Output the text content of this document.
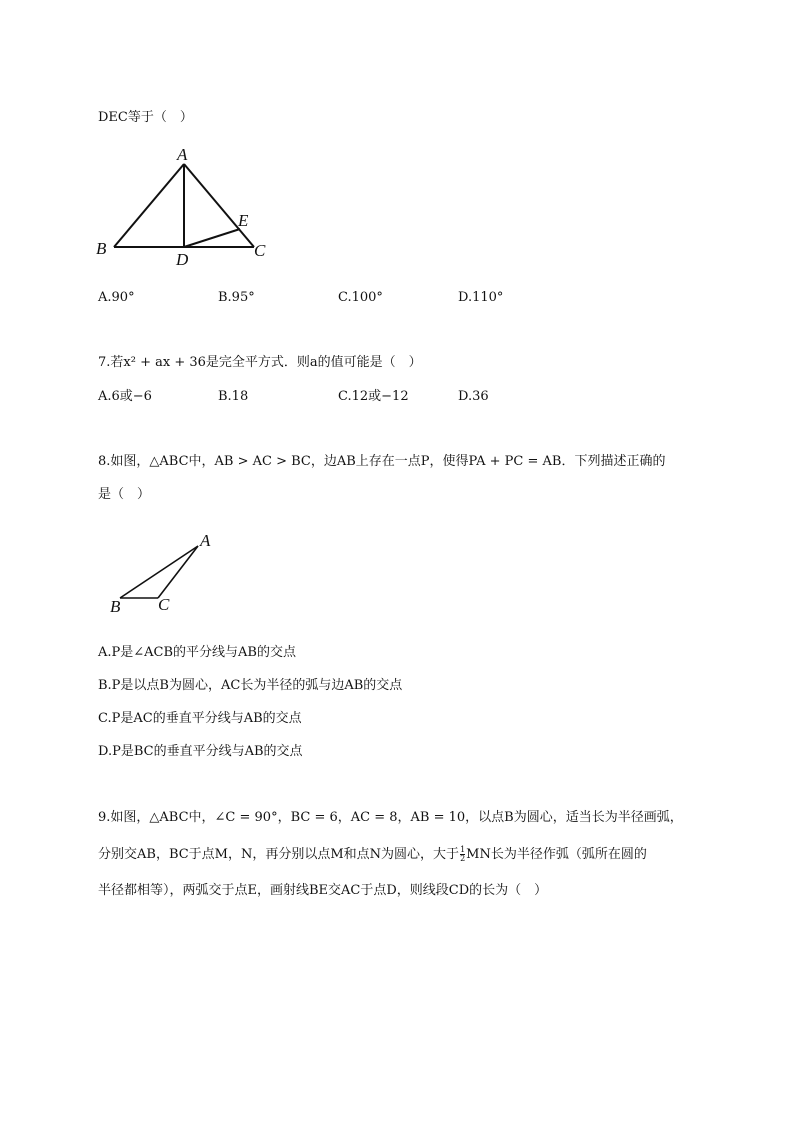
DEC等于（　）
A
B	C
D
E
A.90°	B.95°	C.100°	D.110°
7.若x² + ax + 36是完全平方式．则a的值可能是（　）
A.6或−6	B.18	C.12或−12	D.36
8.如图，△ABC中，AB > AC > BC，边AB上存在一点P，使得PA + PC = AB．下列描述正确的
是（　）
A
B C
A.P是∠ACB的平分线与AB的交点
B.P是以点B为圆心，AC长为半径的弧与边AB的交点
C.P是AC的垂直平分线与AB的交点
D.P是BC的垂直平分线与AB的交点
9.如图，△ABC中，∠C = 90°，BC = 6，AC = 8，AB = 10，以点B为圆心，适当长为半径画弧，
分别交AB，BC于点M，N，再分别以点M和点N为圆心，大于 $\frac{1}{2}$ MN长为半径作弧（弧所在圆的
半径都相等），两弧交于点E，画射线BE交AC于点D，则线段CD的长为（　）
